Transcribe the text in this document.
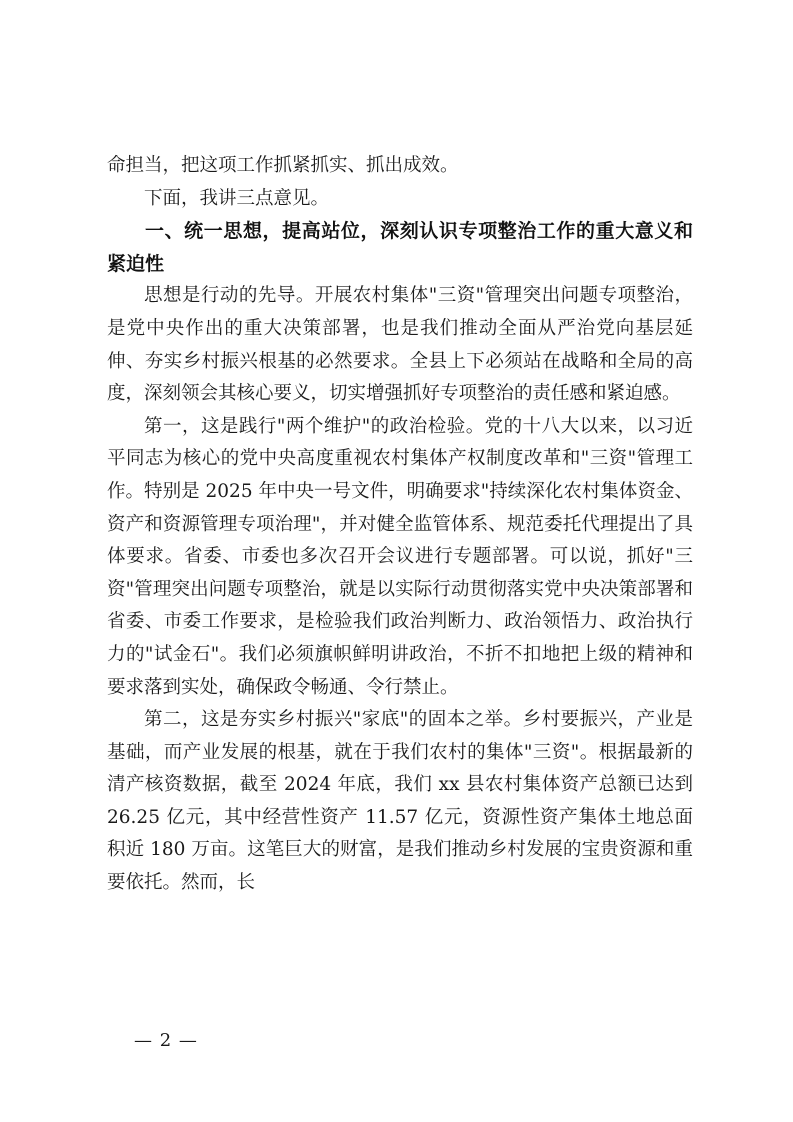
命担当，把这项工作抓紧抓实、抓出成效。

下面，我讲三点意见。

一、统一思想，提高站位，深刻认识专项整治工作的重大意义和紧迫性

思想是行动的先导。开展农村集体"三资"管理突出问题专项整治，是党中央作出的重大决策部署，也是我们推动全面从严治党向基层延伸、夯实乡村振兴根基的必然要求。全县上下必须站在战略和全局的高度，深刻领会其核心要义，切实增强抓好专项整治的责任感和紧迫感。

第一，这是践行"两个维护"的政治检验。党的十八大以来，以习近平同志为核心的党中央高度重视农村集体产权制度改革和"三资"管理工作。特别是 2025 年中央一号文件，明确要求"持续深化农村集体资金、资产和资源管理专项治理"，并对健全监管体系、规范委托代理提出了具体要求。省委、市委也多次召开会议进行专题部署。可以说，抓好"三资"管理突出问题专项整治，就是以实际行动贯彻落实党中央决策部署和省委、市委工作要求，是检验我们政治判断力、政治领悟力、政治执行力的"试金石"。我们必须旗帜鲜明讲政治，不折不扣地把上级的精神和要求落到实处，确保政令畅通、令行禁止。

第二，这是夯实乡村振兴"家底"的固本之举。乡村要振兴，产业是基础，而产业发展的根基，就在于我们农村的集体"三资"。根据最新的清产核资数据，截至 2024 年底，我们 xx 县农村集体资产总额已达到 26.25 亿元，其中经营性资产 11.57 亿元，资源性资产集体土地总面积近 180 万亩。这笔巨大的财富，是我们推动乡村发展的宝贵资源和重要依托。然而，长

— 2 —
